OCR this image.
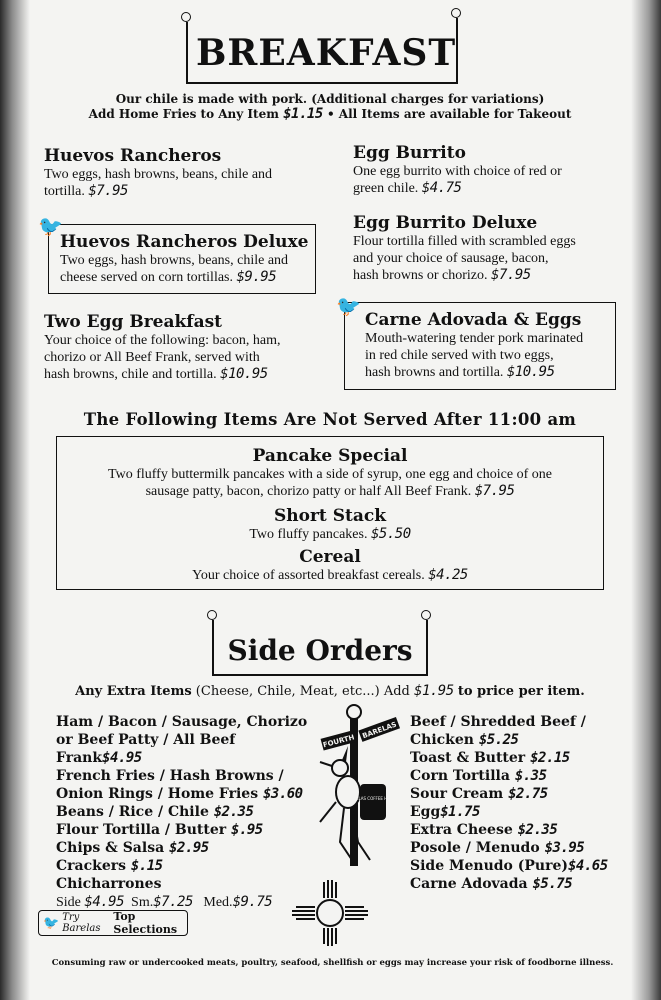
BREAKFAST
Our chile is made with pork. (Additional charges for variations)
Add Home Fries to Any Item $1.15 • All Items are available for Takeout
Huevos Rancheros
Two eggs, hash browns, beans, chile and
tortilla. $7.95
Egg Burrito
One egg burrito with choice of red or
green chile. $4.75
🐦
Huevos Rancheros Deluxe
Two eggs, hash browns, beans, chile and
cheese served on corn tortillas. $9.95
Egg Burrito Deluxe
Flour tortilla filled with scrambled eggs
and your choice of sausage, bacon,
hash browns or chorizo. $7.95
Two Egg Breakfast
Your choice of the following: bacon, ham,
chorizo or All Beef Frank, served with
hash browns, chile and tortilla. $10.95
🐦
Carne Adovada & Eggs
Mouth-watering tender pork marinated
in red chile served with two eggs,
hash browns and tortilla. $10.95
The Following Items Are Not Served After 11:00 am
Pancake Special
Two fluffy buttermilk pancakes with a side of syrup, one egg and choice of one
sausage patty, bacon, chorizo patty or half All Beef Frank. $7.95
Short Stack
Two fluffy pancakes. $5.50
Cereal
Your choice of assorted breakfast cereals. $4.25
Side Orders
Any Extra Items (Cheese, Chile, Meat, etc...) Add $1.95 to price per item.
Ham / Bacon / Sausage, Chorizo
or Beef Patty / All Beef Frank$4.95
French Fries / Hash Browns /
Onion Rings / Home Fries $3.60
Beans / Rice / Chile $2.35
Flour Tortilla / Butter $.95
Chips & Salsa $2.95
Crackers $.15
Chicharrones
Side $4.95 Sm.$7.25 Med.$9.75
FOURTH
BARELAS
BARELAS COFFEE HOUSE
Beef / Shredded Beef /
Chicken $5.25
Toast & Butter $2.15
Corn Tortilla $.35
Sour Cream $2.75
Egg$1.75
Extra Cheese $2.35
Posole / Menudo $3.95
Side Menudo (Pure)$4.65
Carne Adovada $5.75
🐦 Try Barelas
Top Selections
Consuming raw or undercooked meats, poultry, seafood, shellfish or eggs may increase your risk of foodborne illness.
